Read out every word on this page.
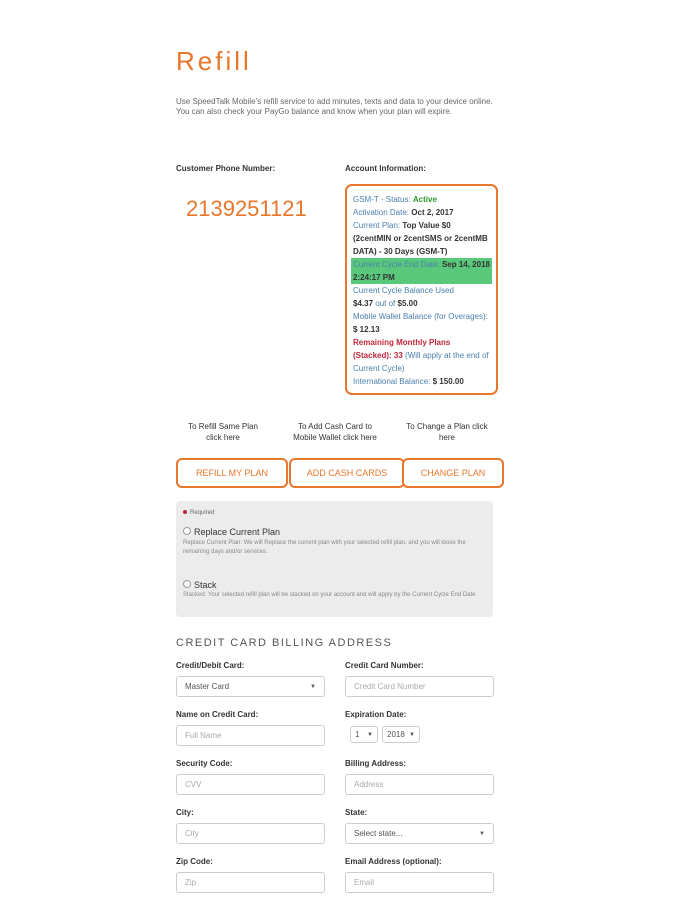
Refill
Use SpeedTalk Mobile's refill service to add minutes, texts and data to your device online.
You can also check your PayGo balance and know when your plan will expire.
Customer Phone Number:
2139251121
Account Information:
GSM-T - Status: Active
Activation Date: Oct 2, 2017
Current Plan: Top Value $0 (2centMIN or 2centSMS or 2centMB DATA) - 30 Days (GSM-T)
Current Cycle End Date: Sep 14, 2018 2:24:17 PM
Current Cycle Balance Used
$4.37 out of $5.00
Mobile Wallet Balance (for Overages): $ 12.13
Remaining Monthly Plans (Stacked): 33 (Will apply at the end of Current Cycle)
International Balance: $ 150.00
To Refill Same Plan click here
To Add Cash Card to Mobile Wallet click here
To Change a Plan click here
REFILL MY PLAN	ADD CASH CARDS	CHANGE PLAN
Required
Replace Current Plan
Replace Current Plan: We will Replace the current plan with your selected refill plan, and you will loose the remaining days and/or services.
Stack
Stacked: Your selected refill plan will be stacked on your account and will apply by the Current Cycle End Date
CREDIT CARD BILLING ADDRESS
Credit/Debit Card:
Master Card	▼
Credit Card Number:
Credit Card Number
Name on Credit Card:
Full Name
Expiration Date:
1 ▼ 2018 ▼
Security Code:
CVV
Billing Address:
Address
City:
City
State:
Select state...	▼
Zip Code:
Zip
Email Address (optional):
Email
